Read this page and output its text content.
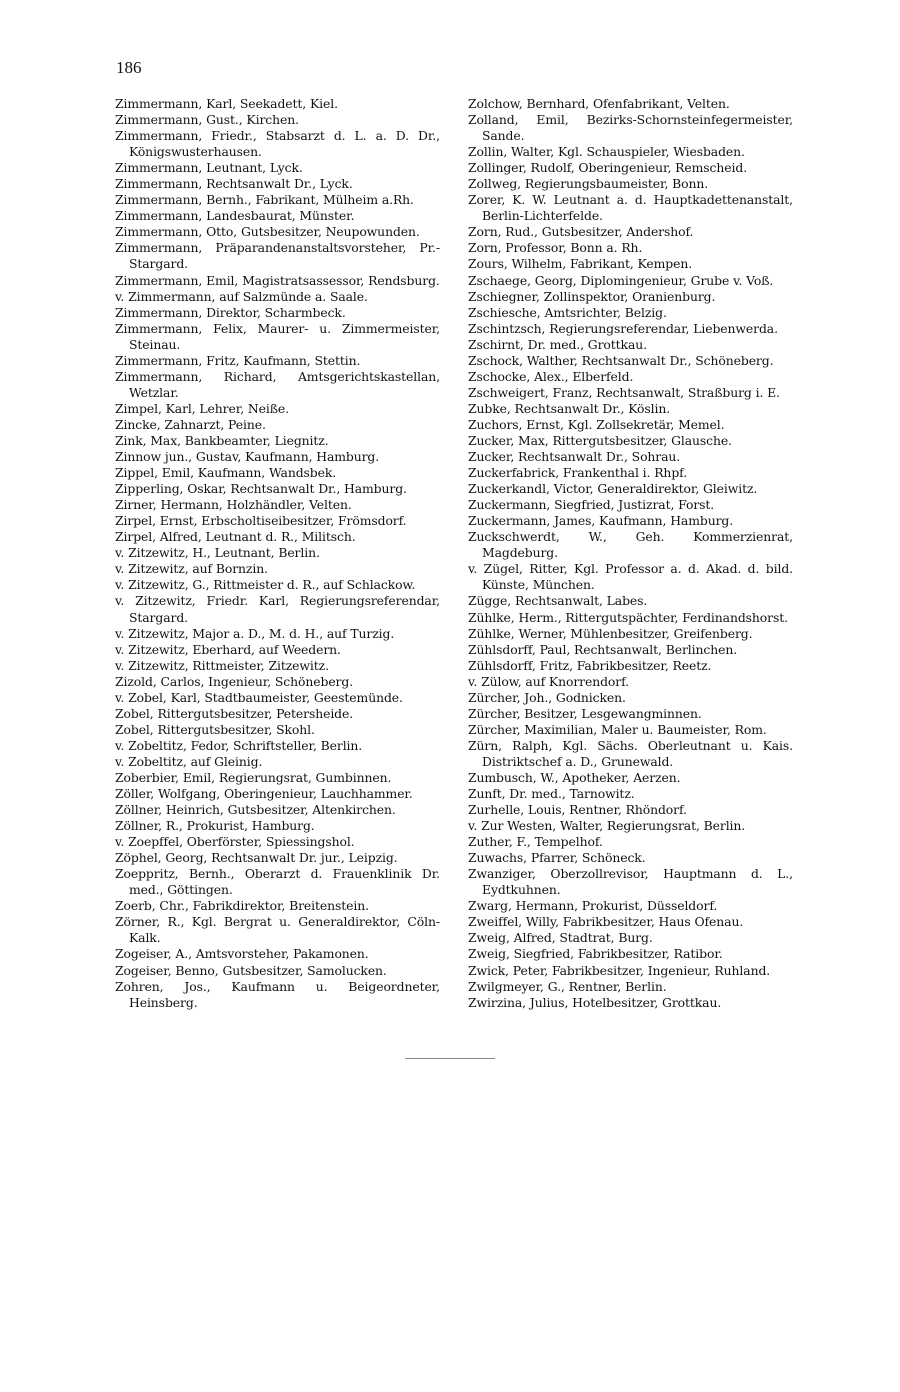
186

Zimmermann, Karl, Seekadett, Kiel.

Zimmermann, Gust., Kirchen.

Zimmermann, Friedr., Stabsarzt d. L. a. D. Dr., Königswusterhausen.

Zimmermann, Leutnant, Lyck.

Zimmermann, Rechtsanwalt Dr., Lyck.

Zimmermann, Bernh., Fabrikant, Mülheim a.Rh.

Zimmermann, Landesbaurat, Münster.

Zimmermann, Otto, Gutsbesitzer, Neupowunden.

Zimmermann, Präparandenanstaltsvorsteher, Pr.-Stargard.

Zimmermann, Emil, Magistratsassessor, Rendsburg.

v. Zimmermann, auf Salzmünde a. Saale.

Zimmermann, Direktor, Scharmbeck.

Zimmermann, Felix, Maurer- u. Zimmermeister, Steinau.

Zimmermann, Fritz, Kaufmann, Stettin.

Zimmermann, Richard, Amtsgerichtskastellan, Wetzlar.

Zimpel, Karl, Lehrer, Neiße.

Zincke, Zahnarzt, Peine.

Zink, Max, Bankbeamter, Liegnitz.

Zinnow jun., Gustav, Kaufmann, Hamburg.

Zippel, Emil, Kaufmann, Wandsbek.

Zipperling, Oskar, Rechtsanwalt Dr., Hamburg.

Zirner, Hermann, Holzhändler, Velten.

Zirpel, Ernst, Erbscholtiseibesitzer, Frömsdorf.

Zirpel, Alfred, Leutnant d. R., Militsch.

v. Zitzewitz, H., Leutnant, Berlin.

v. Zitzewitz, auf Bornzin.

v. Zitzewitz, G., Rittmeister d. R., auf Schlackow.

v. Zitzewitz, Friedr. Karl, Regierungsreferendar, Stargard.

v. Zitzewitz, Major a. D., M. d. H., auf Turzig.

v. Zitzewitz, Eberhard, auf Weedern.

v. Zitzewitz, Rittmeister, Zitzewitz.

Zizold, Carlos, Ingenieur, Schöneberg.

v. Zobel, Karl, Stadtbaumeister, Geestemünde.

Zobel, Rittergutsbesitzer, Petersheide.

Zobel, Rittergutsbesitzer, Skohl.

v. Zobeltitz, Fedor, Schriftsteller, Berlin.

v. Zobeltitz, auf Gleinig.

Zoberbier, Emil, Regierungsrat, Gumbinnen.

Zöller, Wolfgang, Oberingenieur, Lauchhammer.

Zöllner, Heinrich, Gutsbesitzer, Altenkirchen.

Zöllner, R., Prokurist, Hamburg.

v. Zoepffel, Oberförster, Spiessingshol.

Zöphel, Georg, Rechtsanwalt Dr. jur., Leipzig.

Zoeppritz, Bernh., Oberarzt d. Frauenklinik Dr. med., Göttingen.

Zoerb, Chr., Fabrikdirektor, Breitenstein.

Zörner, R., Kgl. Bergrat u. Generaldirektor, Cöln-Kalk.

Zogeiser, A., Amtsvorsteher, Pakamonen.

Zogeiser, Benno, Gutsbesitzer, Samolucken.

Zohren, Jos., Kaufmann u. Beigeordneter, Heinsberg.

Zolchow, Bernhard, Ofenfabrikant, Velten.

Zolland, Emil, Bezirks-Schornsteinfegermeister, Sande.

Zollin, Walter, Kgl. Schauspieler, Wiesbaden.

Zollinger, Rudolf, Oberingenieur, Remscheid.

Zollweg, Regierungsbaumeister, Bonn.

Zorer, K. W. Leutnant a. d. Hauptkadettenanstalt, Berlin-Lichterfelde.

Zorn, Rud., Gutsbesitzer, Andershof.

Zorn, Professor, Bonn a. Rh.

Zours, Wilhelm, Fabrikant, Kempen.

Zschaege, Georg, Diplomingenieur, Grube v. Voß.

Zschiegner, Zollinspektor, Oranienburg.

Zschiesche, Amtsrichter, Belzig.

Zschintzsch, Regierungsreferendar, Liebenwerda.

Zschirnt, Dr. med., Grottkau.

Zschock, Walther, Rechtsanwalt Dr., Schöneberg.

Zschocke, Alex., Elberfeld.

Zschweigert, Franz, Rechtsanwalt, Straßburg i. E.

Zubke, Rechtsanwalt Dr., Köslin.

Zuchors, Ernst, Kgl. Zollsekretär, Memel.

Zucker, Max, Rittergutsbesitzer, Glausche.

Zucker, Rechtsanwalt Dr., Sohrau.

Zuckerfabrick, Frankenthal i. Rhpf.

Zuckerkandl, Victor, Generaldirektor, Gleiwitz.

Zuckermann, Siegfried, Justizrat, Forst.

Zuckermann, James, Kaufmann, Hamburg.

Zuckschwerdt, W., Geh. Kommerzienrat, Magdeburg.

v. Zügel, Ritter, Kgl. Professor a. d. Akad. d. bild. Künste, München.

Zügge, Rechtsanwalt, Labes.

Zühlke, Herm., Rittergutspächter, Ferdinandshorst.

Zühlke, Werner, Mühlenbesitzer, Greifenberg.

Zühlsdorff, Paul, Rechtsanwalt, Berlinchen.

Zühlsdorff, Fritz, Fabrikbesitzer, Reetz.

v. Zülow, auf Knorrendorf.

Zürcher, Joh., Godnicken.

Zürcher, Besitzer, Lesgewangminnen.

Zürcher, Maximilian, Maler u. Baumeister, Rom.

Zürn, Ralph, Kgl. Sächs. Oberleutnant u. Kais. Distriktschef a. D., Grunewald.

Zumbusch, W., Apotheker, Aerzen.

Zunft, Dr. med., Tarnowitz.

Zurhelle, Louis, Rentner, Rhöndorf.

v. Zur Westen, Walter, Regierungsrat, Berlin.

Zuther, F., Tempelhof.

Zuwachs, Pfarrer, Schöneck.

Zwanziger, Oberzollrevisor, Hauptmann d. L., Eydtkuhnen.

Zwarg, Hermann, Prokurist, Düsseldorf.

Zweiffel, Willy, Fabrikbesitzer, Haus Ofenau.

Zweig, Alfred, Stadtrat, Burg.

Zweig, Siegfried, Fabrikbesitzer, Ratibor.

Zwick, Peter, Fabrikbesitzer, Ingenieur, Ruhland.

Zwilgmeyer, G., Rentner, Berlin.

Zwirzina, Julius, Hotelbesitzer, Grottkau.
